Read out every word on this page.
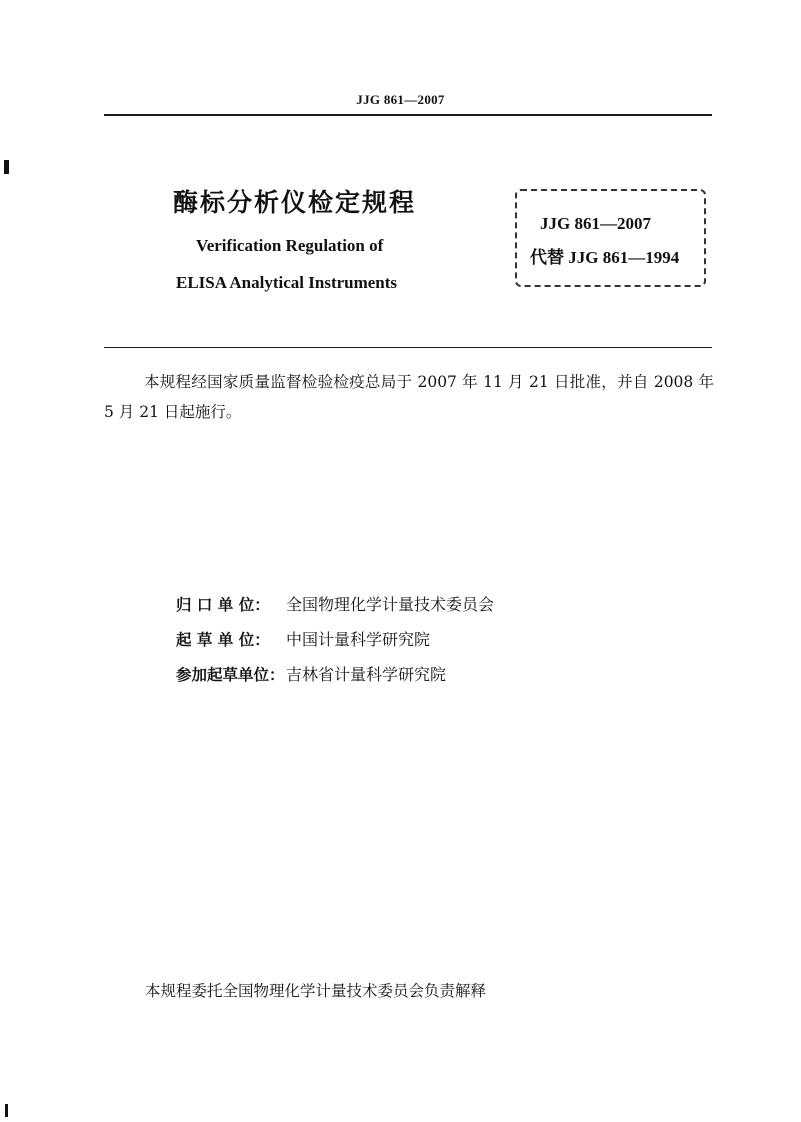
JJG 861—2007
酶标分析仪检定规程
Verification Regulation of
ELISA Analytical Instruments
JJG 861—2007
代替 JJG 861—1994
本规程经国家质量监督检验检疫总局于 2007 年 11 月 21 日批准，并自 2008 年 5 月 21 日起施行。
归 口 单 位： 全国物理化学计量技术委员会
起 草 单 位： 中国计量科学研究院
参加起草单位：吉林省计量科学研究院
本规程委托全国物理化学计量技术委员会负责解释
